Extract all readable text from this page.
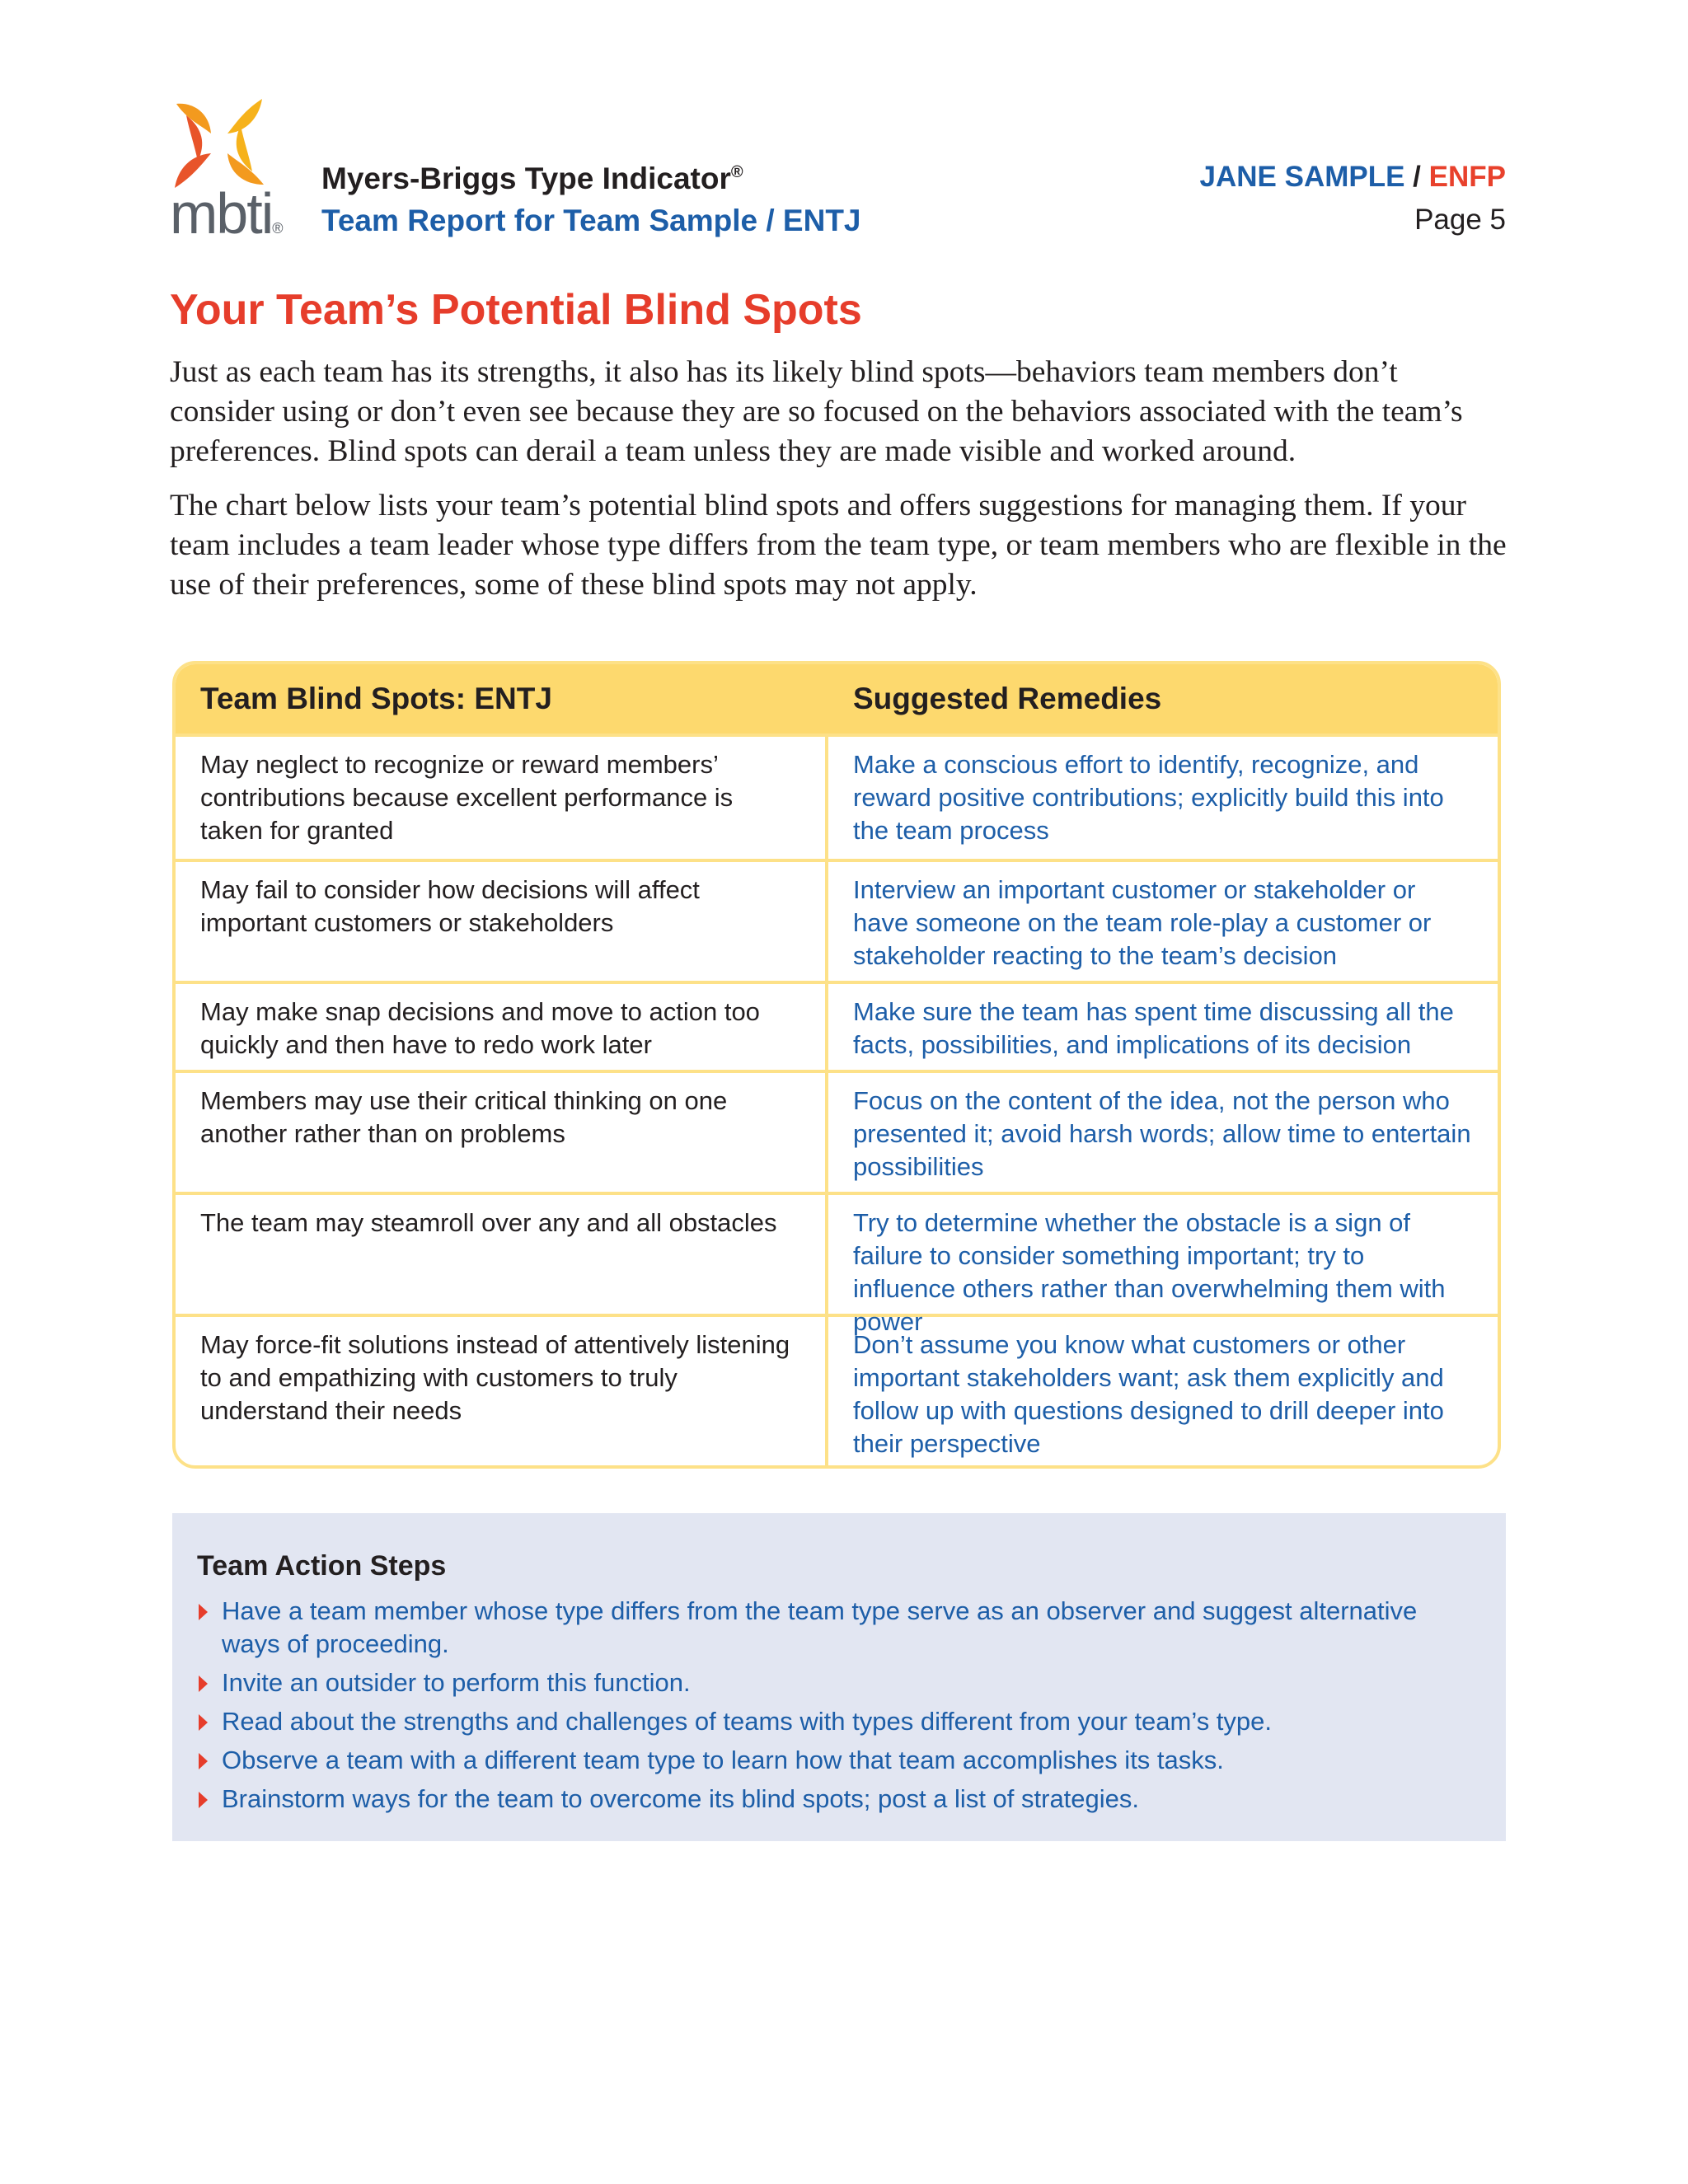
mbti®
Myers-Briggs Type Indicator®
Team Report for Team Sample / ENTJ
JANE SAMPLE / ENFP
Page 5
Your Team’s Potential Blind Spots

Just as each team has its strengths, it also has its likely blind spots—behaviors team members don’t consider using or don’t even see because they are so focused on the behaviors associated with the team’s preferences. Blind spots can derail a team unless they are made visible and worked around.

The chart below lists your team’s potential blind spots and offers suggestions for managing them. If your team includes a team leader whose type differs from the team type, or team members who are flexible in the use of their preferences, some of these blind spots may not apply.

Team Blind Spots: ENTJ	Suggested Remedies
May neglect to recognize or reward members’ contributions because excellent performance is taken for granted
Make a conscious effort to identify, recognize, and reward positive contributions; explicitly build this into the team process
May fail to consider how decisions will affect important customers or stakeholders
Interview an important customer or stakeholder or have someone on the team role-play a customer or stakeholder reacting to the team’s decision
May make snap decisions and move to action too quickly and then have to redo work later
Make sure the team has spent time discussing all the facts, possibilities, and implications of its decision
Members may use their critical thinking on one another rather than on problems
Focus on the content of the idea, not the person who presented it; avoid harsh words; allow time to entertain possibilities
The team may steamroll over any and all obstacles	Try to determine whether the obstacle is a sign of failure to consider something important; try to influence others rather than overwhelming them with power
May force-fit solutions instead of attentively listening to and empathizing with customers to truly understand their needs
Don’t assume you know what customers or other important stakeholders want; ask them explicitly and follow up with questions designed to drill deeper into their perspective
Team Action Steps
Have a team member whose type differs from the team type serve as an observer and suggest alternative ways of proceeding.
Invite an outsider to perform this function.
Read about the strengths and challenges of teams with types different from your team’s type.
Observe a team with a different team type to learn how that team accomplishes its tasks.
Brainstorm ways for the team to overcome its blind spots; post a list of strategies.
